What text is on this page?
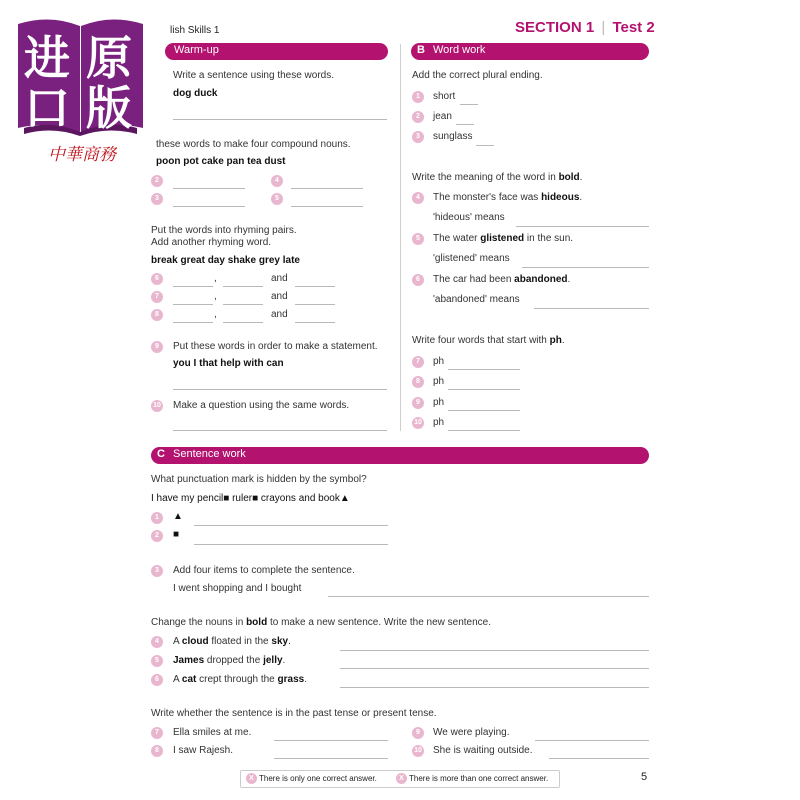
进 原
口 版
中華商務
lish Skills 1	SECTION 1 | Test 2
Warm-up
Write a sentence using these words.
dog duck
these words to make four compound nouns.
poon pot cake pan tea dust
2
3
4
5
Put the words into rhyming pairs.
Add another rhyming word.
break great day shake grey late
6	,	and
7	,	and
8	,	and
9	Put these words in order to make a statement.
you I that help with can
10 Make a question using the same words.
B Word work
Add the correct plural ending.
1	short
2	jean
3	sunglass
Write the meaning of the word in bold.
4	The monster's face was hideous.
'hideous' means
5	The water glistened in the sun.
'glistened' means
6	The car had been abandoned.
'abandoned' means
Write four words that start with ph.
7	ph
8	ph
9	ph
10 ph
C Sentence work
What punctuation mark is hidden by the symbol?
I have my pencil■ ruler■ crayons and book▲
1	▲
2	■
3	Add four items to complete the sentence.
I went shopping and I bought
Change the nouns in bold to make a new sentence. Write the new sentence.
4	A cloud floated in the sky.
5	James dropped the jelly.
6	A cat crept through the grass.
Write whether the sentence is in the past tense or present tense.
7	Ella smiles at me.
8	I saw Rajesh.
9	We were playing.
10 She is waiting outside.
X There is only one correct answer.	X There is more than one correct answer.	5
